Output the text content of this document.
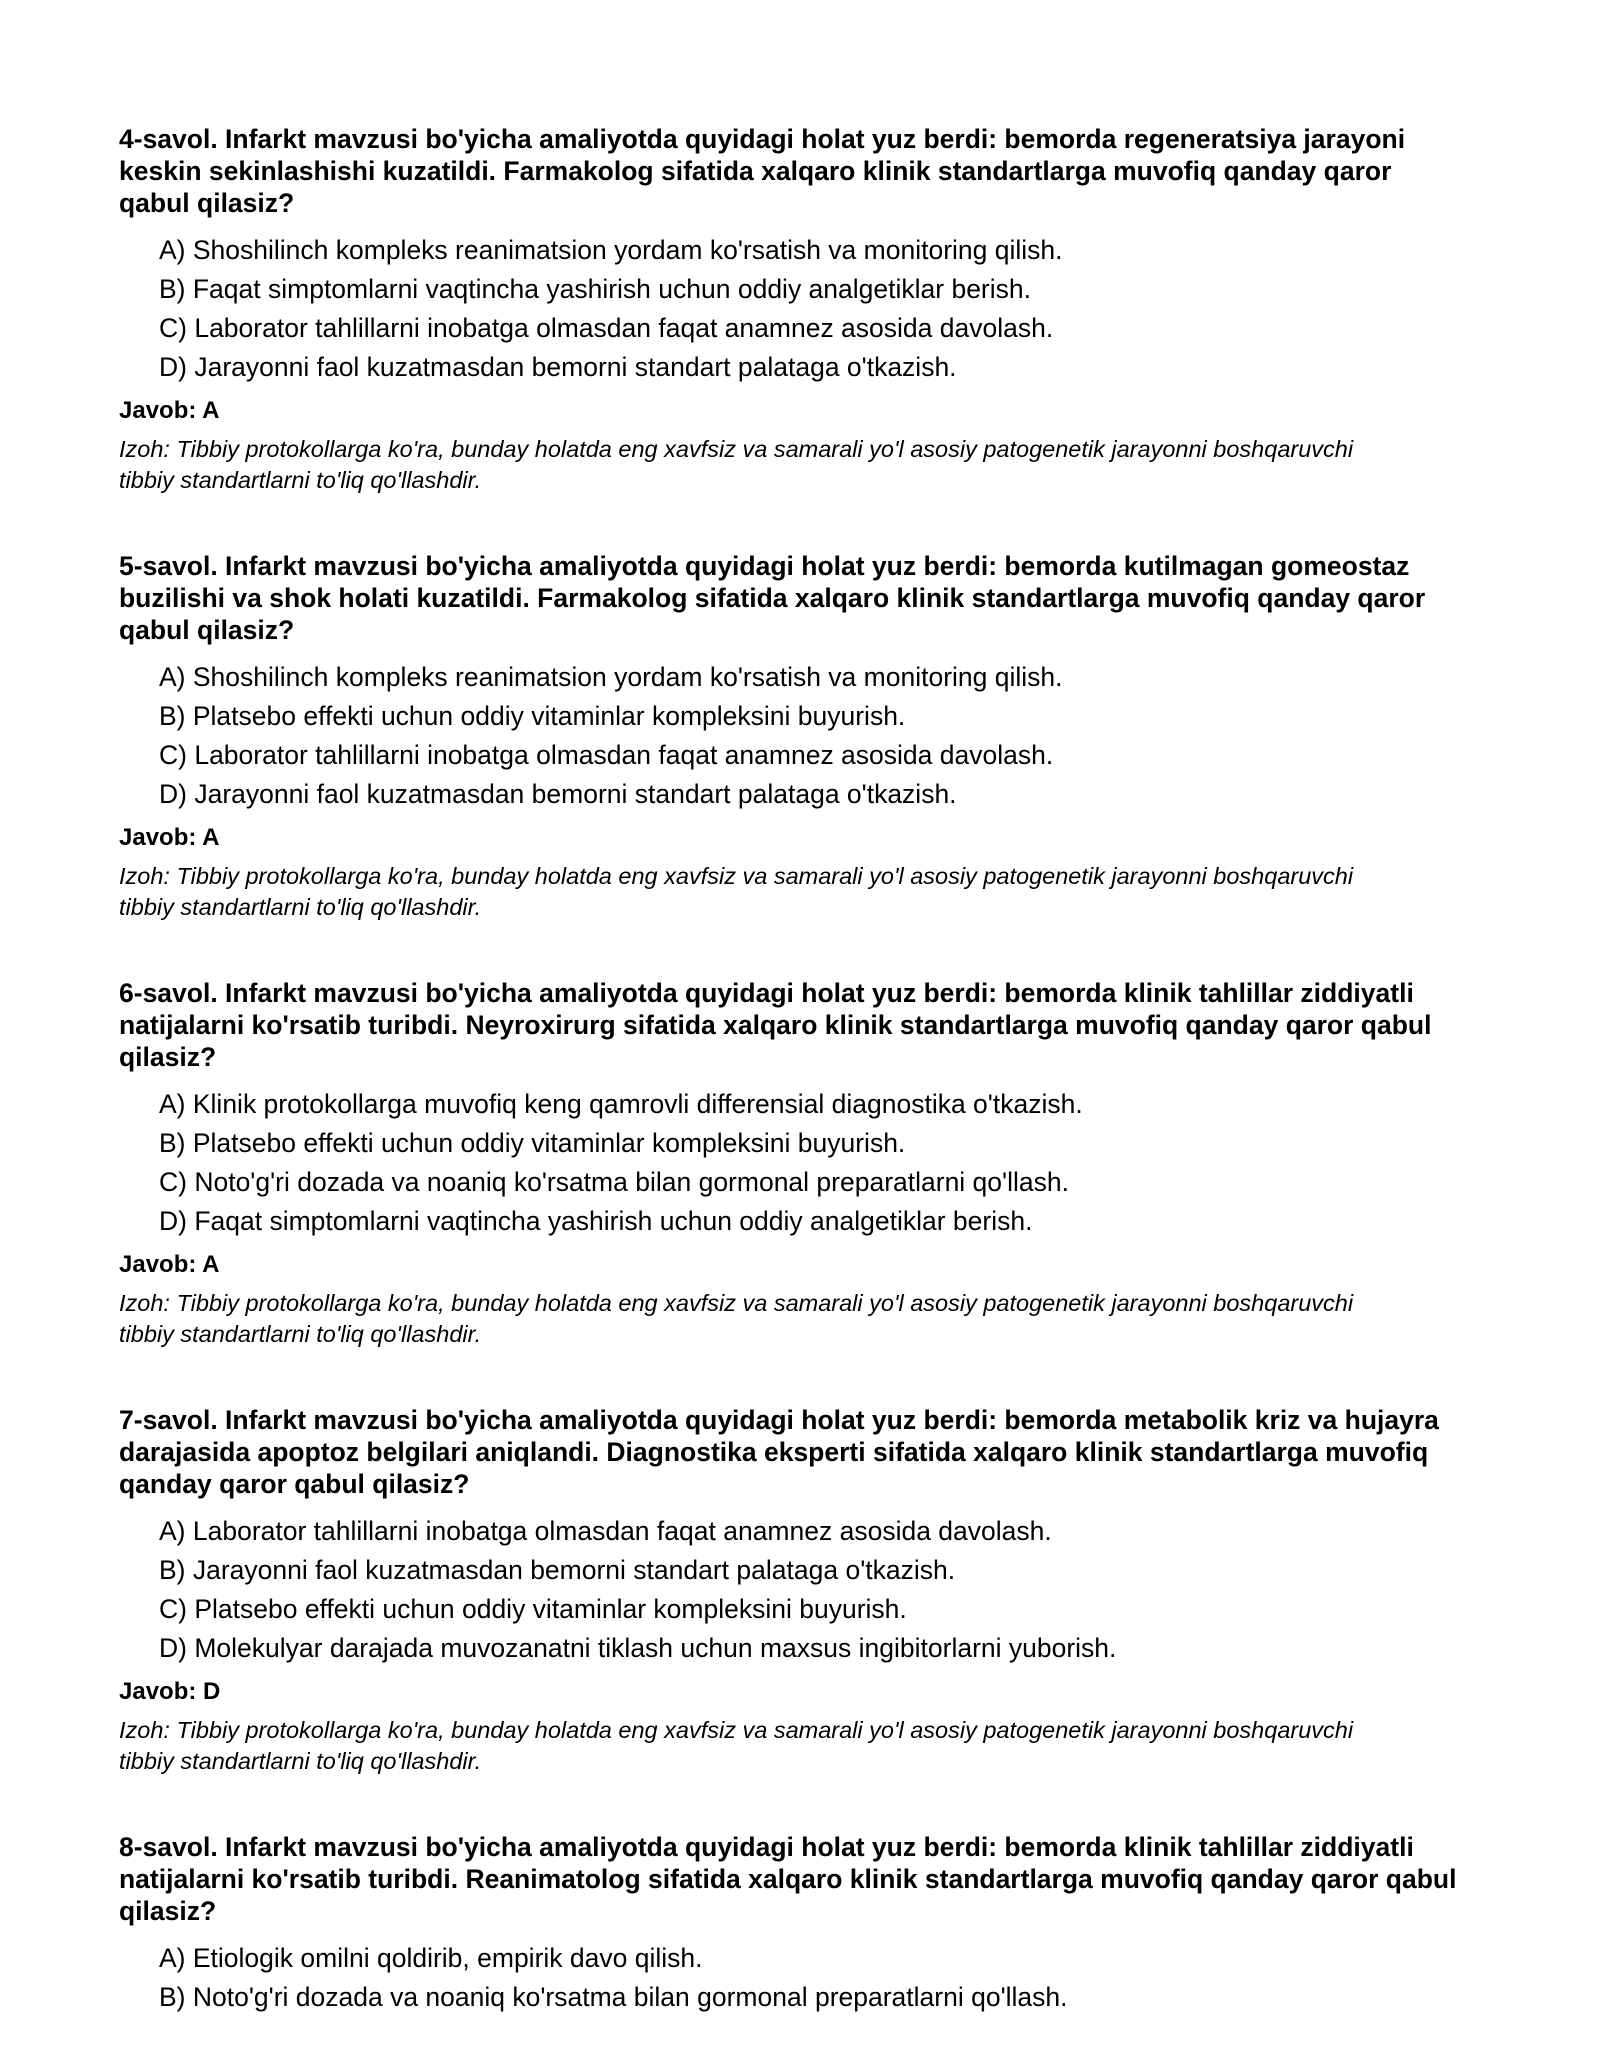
4-savol. Infarkt mavzusi bo'yicha amaliyotda quyidagi holat yuz berdi: bemorda regeneratsiya jarayoni keskin sekinlashishi kuzatildi. Farmakolog sifatida xalqaro klinik standartlarga muvofiq qanday qaror qabul qilasiz?

A) Shoshilinch kompleks reanimatsion yordam ko'rsatish va monitoring qilish.

B) Faqat simptomlarni vaqtincha yashirish uchun oddiy analgetiklar berish.

C) Laborator tahlillarni inobatga olmasdan faqat anamnez asosida davolash.

D) Jarayonni faol kuzatmasdan bemorni standart palataga o'tkazish.

Javob: A

Izoh: Tibbiy protokollarga ko'ra, bunday holatda eng xavfsiz va samarali yo'l asosiy patogenetik jarayonni boshqaruvchi tibbiy standartlarni to'liq qo'llashdir.

5-savol. Infarkt mavzusi bo'yicha amaliyotda quyidagi holat yuz berdi: bemorda kutilmagan gomeostaz buzilishi va shok holati kuzatildi. Farmakolog sifatida xalqaro klinik standartlarga muvofiq qanday qaror qabul qilasiz?

A) Shoshilinch kompleks reanimatsion yordam ko'rsatish va monitoring qilish.

B) Platsebo effekti uchun oddiy vitaminlar kompleksini buyurish.

C) Laborator tahlillarni inobatga olmasdan faqat anamnez asosida davolash.

D) Jarayonni faol kuzatmasdan bemorni standart palataga o'tkazish.

Javob: A

Izoh: Tibbiy protokollarga ko'ra, bunday holatda eng xavfsiz va samarali yo'l asosiy patogenetik jarayonni boshqaruvchi tibbiy standartlarni to'liq qo'llashdir.

6-savol. Infarkt mavzusi bo'yicha amaliyotda quyidagi holat yuz berdi: bemorda klinik tahlillar ziddiyatli natijalarni ko'rsatib turibdi. Neyroxirurg sifatida xalqaro klinik standartlarga muvofiq qanday qaror qabul qilasiz?

A) Klinik protokollarga muvofiq keng qamrovli differensial diagnostika o'tkazish.

B) Platsebo effekti uchun oddiy vitaminlar kompleksini buyurish.

C) Noto'g'ri dozada va noaniq ko'rsatma bilan gormonal preparatlarni qo'llash.

D) Faqat simptomlarni vaqtincha yashirish uchun oddiy analgetiklar berish.

Javob: A

Izoh: Tibbiy protokollarga ko'ra, bunday holatda eng xavfsiz va samarali yo'l asosiy patogenetik jarayonni boshqaruvchi tibbiy standartlarni to'liq qo'llashdir.

7-savol. Infarkt mavzusi bo'yicha amaliyotda quyidagi holat yuz berdi: bemorda metabolik kriz va hujayra darajasida apoptoz belgilari aniqlandi. Diagnostika eksperti sifatida xalqaro klinik standartlarga muvofiq qanday qaror qabul qilasiz?

A) Laborator tahlillarni inobatga olmasdan faqat anamnez asosida davolash.

B) Jarayonni faol kuzatmasdan bemorni standart palataga o'tkazish.

C) Platsebo effekti uchun oddiy vitaminlar kompleksini buyurish.

D) Molekulyar darajada muvozanatni tiklash uchun maxsus ingibitorlarni yuborish.

Javob: D

Izoh: Tibbiy protokollarga ko'ra, bunday holatda eng xavfsiz va samarali yo'l asosiy patogenetik jarayonni boshqaruvchi tibbiy standartlarni to'liq qo'llashdir.

8-savol. Infarkt mavzusi bo'yicha amaliyotda quyidagi holat yuz berdi: bemorda klinik tahlillar ziddiyatli natijalarni ko'rsatib turibdi. Reanimatolog sifatida xalqaro klinik standartlarga muvofiq qanday qaror qabul qilasiz?

A) Etiologik omilni qoldirib, empirik davo qilish.

B) Noto'g'ri dozada va noaniq ko'rsatma bilan gormonal preparatlarni qo'llash.
